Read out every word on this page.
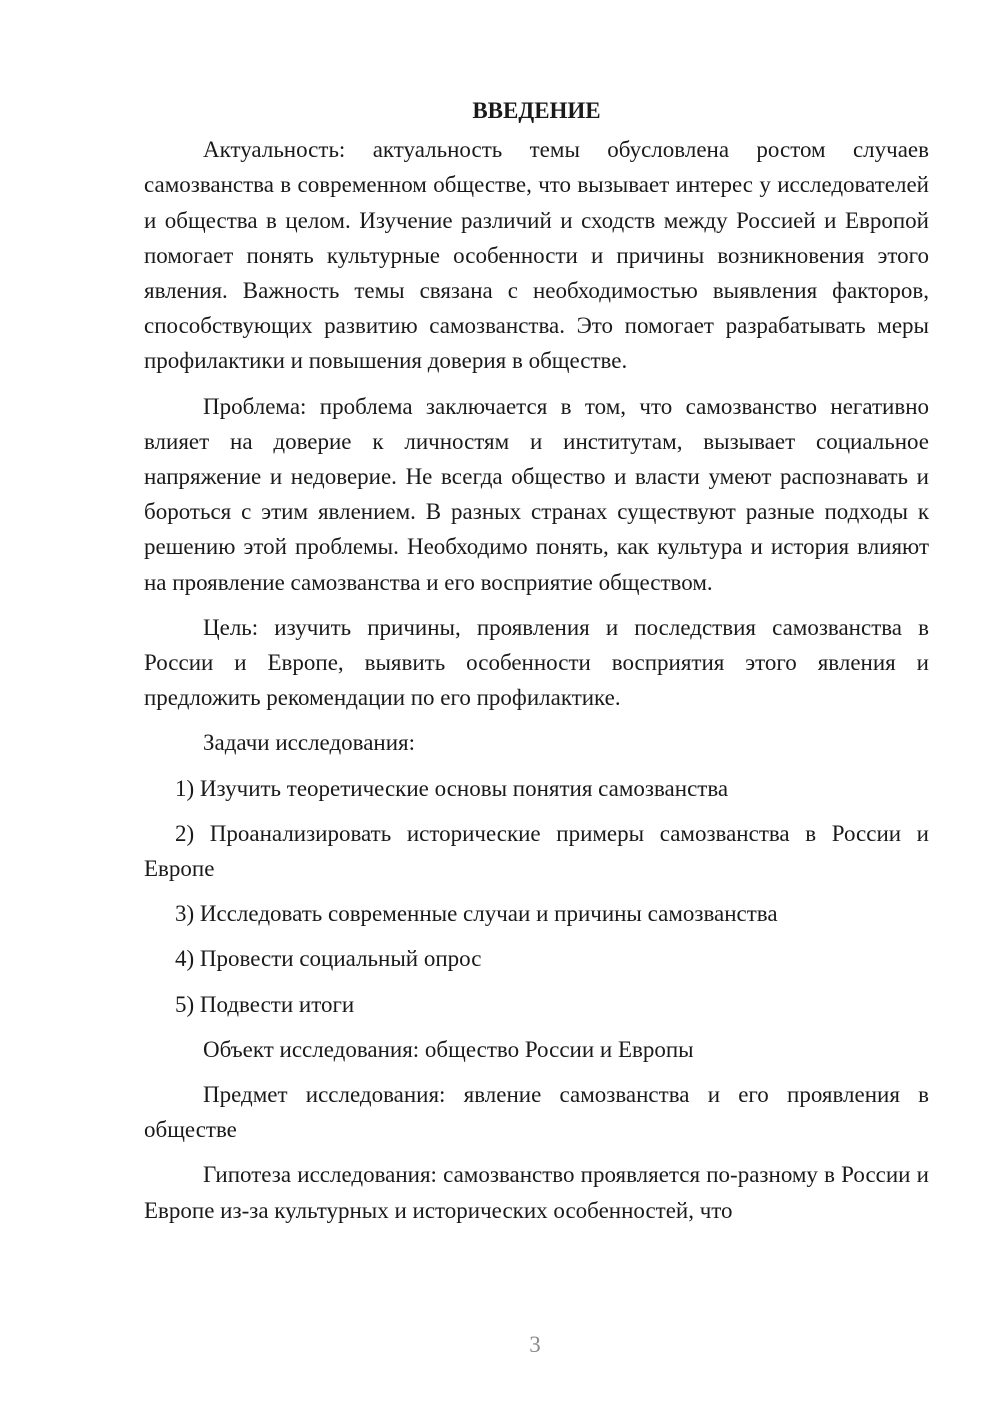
ВВЕДЕНИЕ

Актуальность: актуальность темы обусловлена ростом случаев самозванства в современном обществе, что вызывает интерес у исследователей и общества в целом. Изучение различий и сходств между Россией и Европой помогает понять культурные особенности и причины возникновения этого явления. Важность темы связана с необходимостью выявления факторов, способствующих развитию самозванства. Это помогает разрабатывать меры профилактики и повышения доверия в обществе.

Проблема: проблема заключается в том, что самозванство негативно влияет на доверие к личностям и институтам, вызывает социальное напряжение и недоверие. Не всегда общество и власти умеют распознавать и бороться с этим явлением. В разных странах существуют разные подходы к решению этой проблемы. Необходимо понять, как культура и история влияют на проявление самозванства и его восприятие обществом.

Цель: изучить причины, проявления и последствия самозванства в России и Европе, выявить особенности восприятия этого явления и предложить рекомендации по его профилактике.

Задачи исследования:

1) Изучить теоретические основы понятия самозванства

2) Проанализировать исторические примеры самозванства в России и Европе

3) Исследовать современные случаи и причины самозванства

4) Провести социальный опрос

5) Подвести итоги

Объект исследования: общество России и Европы

Предмет исследования: явление самозванства и его проявления в обществе

Гипотеза исследования: самозванство проявляется по-разному в России и Европе из-за культурных и исторических особенностей, что

3
